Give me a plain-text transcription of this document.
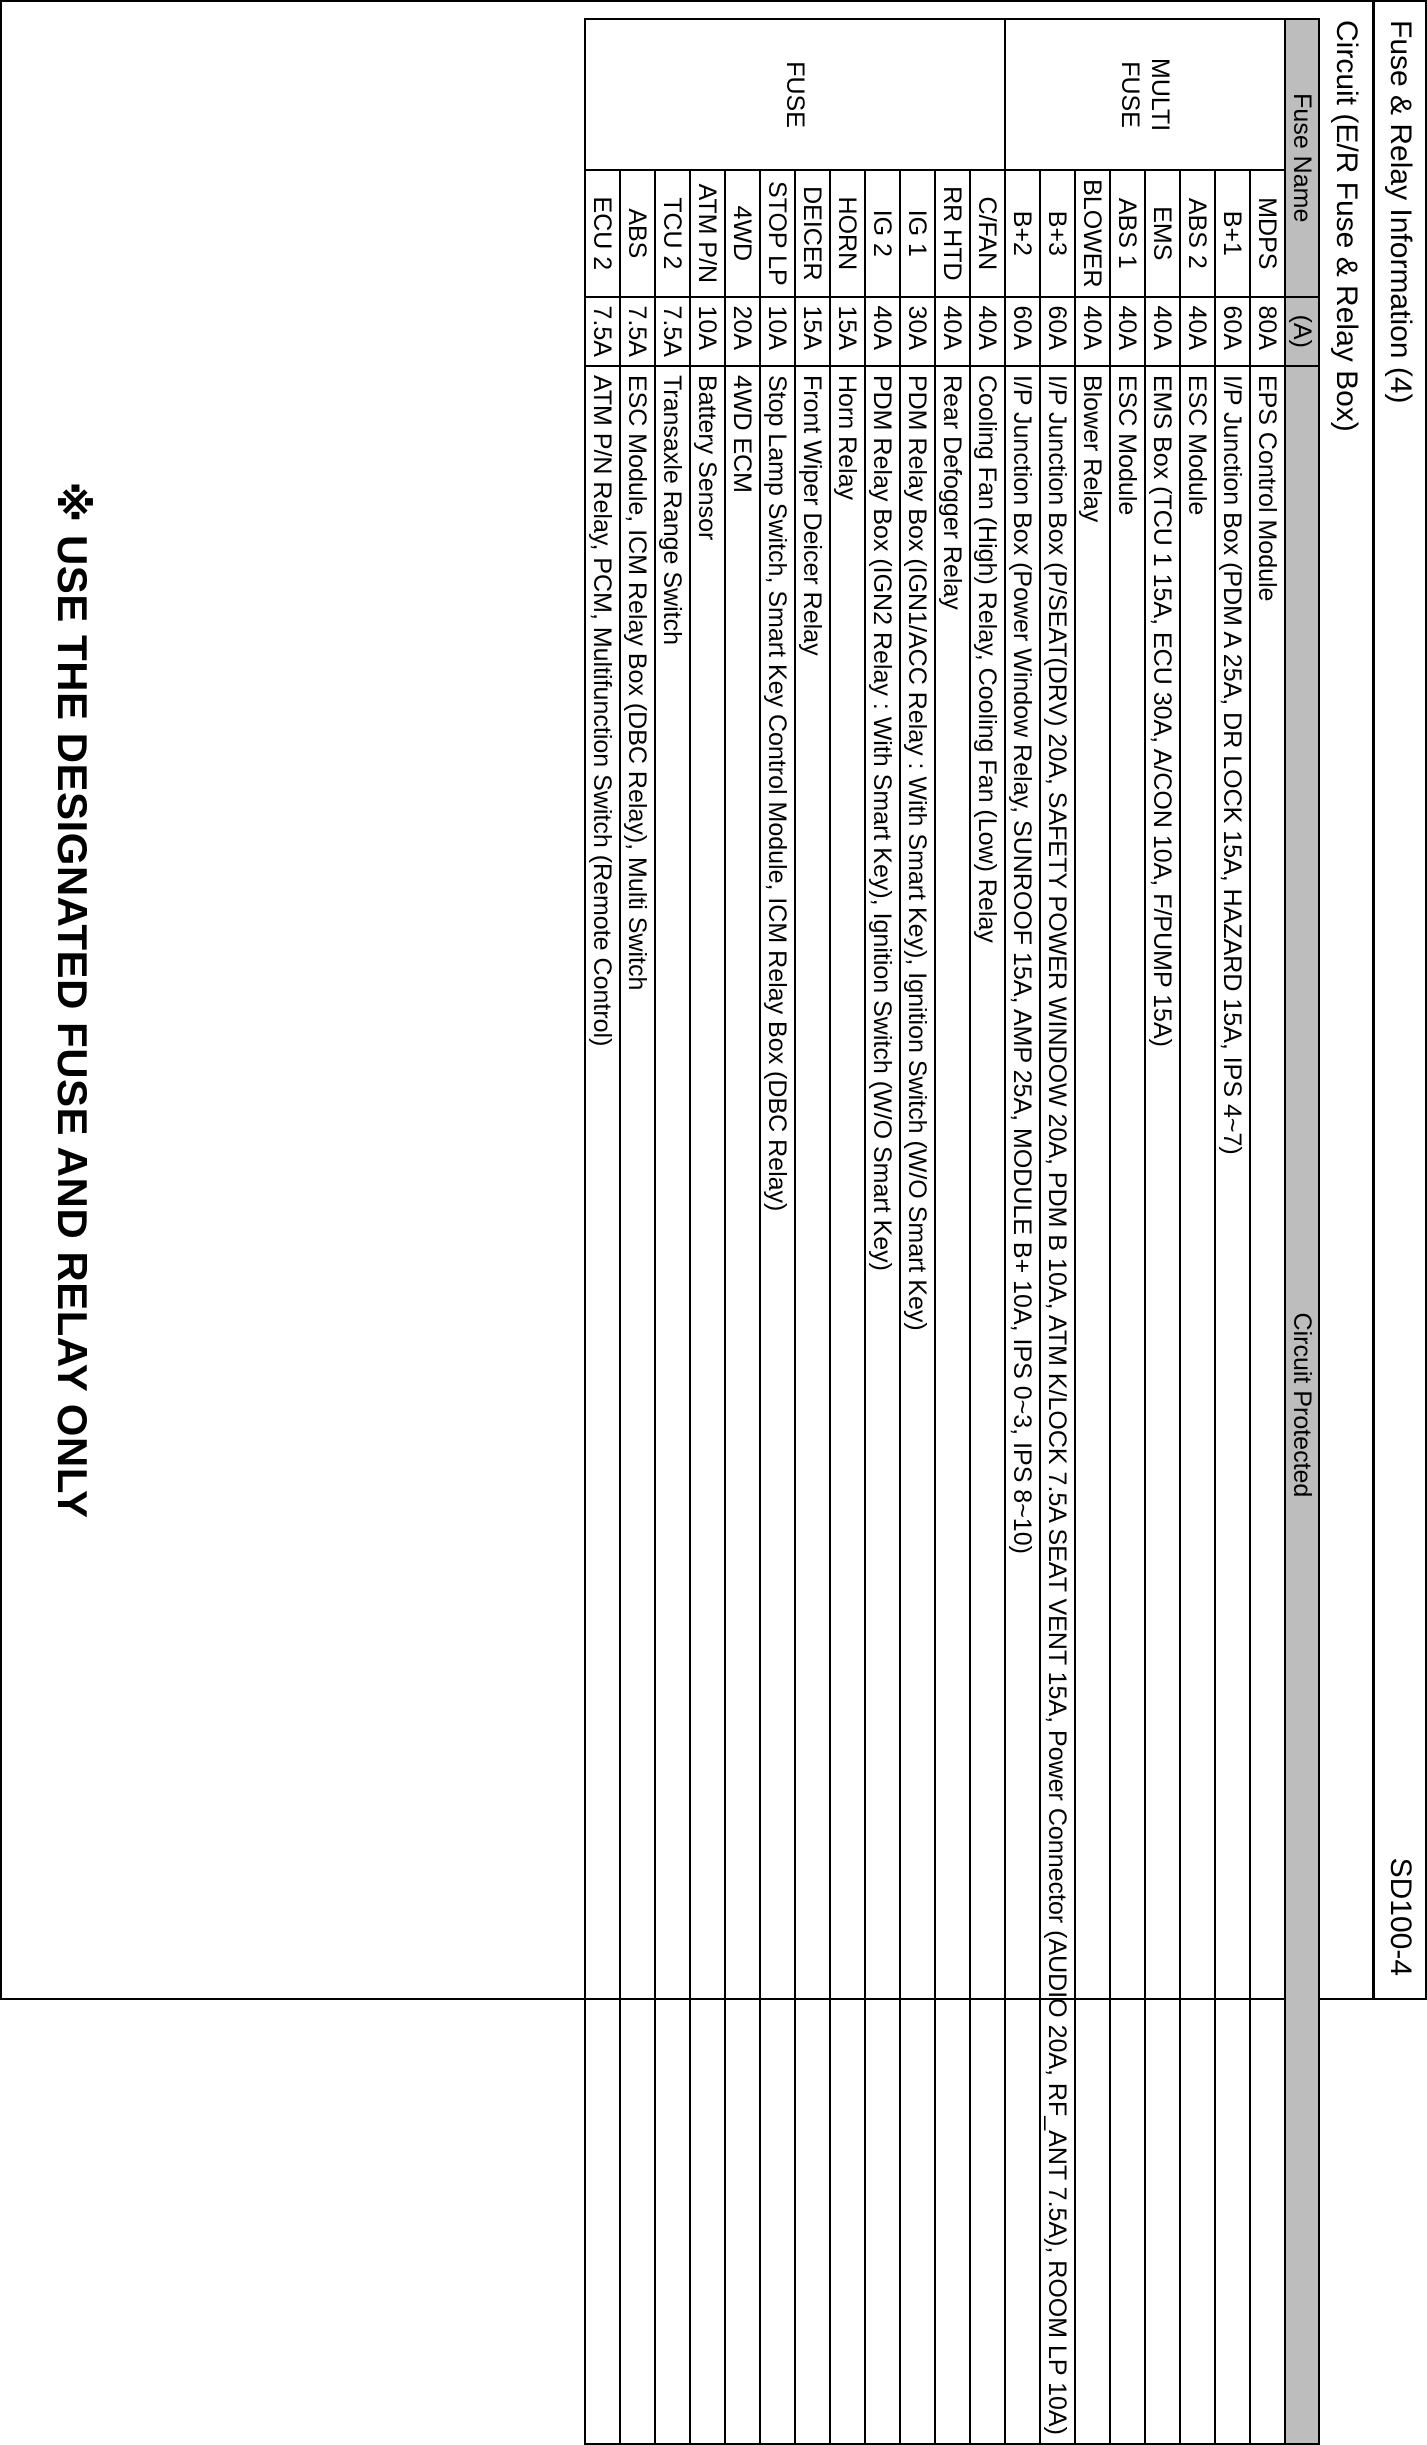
Fuse & Relay Information (4)
SD100-4
Circuit (E/R Fuse & Relay Box)
Fuse Name		(A)	Circuit Protected
MULTI FUSE	MDPS	80A	EPS Control Module
	B+1	60A	I/P Junction Box (PDM A 25A, DR LOCK 15A, HAZARD 15A, IPS 4~7)
	ABS 2	40A	ESC Module
	EMS	40A	EMS Box (TCU 1 15A, ECU 30A, A/CON 10A, F/PUMP 15A)
	ABS 1	40A	ESC Module
	BLOWER	40A	Blower Relay
	B+3	60A	I/P Junction Box (P/SEAT(DRV) 20A, SAFETY POWER WINDOW 20A, PDM B 10A, ATM K/LOCK 7.5A SEAT VENT 15A, Power Connector (AUDIO 20A, RF_ANT 7.5A), ROOM LP 10A)
	B+2	60A	I/P Junction Box (Power Window Relay, SUNROOF 15A, AMP 25A, MODULE B+ 10A, IPS 0~3, IPS 8~10)
FUSE	C/FAN	40A	Cooling Fan (High) Relay, Cooling Fan (Low) Relay
	RR HTD	40A	Rear Defogger Relay
	IG 1	30A	PDM Relay Box (IGN1/ACC Relay : With Smart Key), Ignition Switch (W/O Smart Key)
	IG 2	40A	PDM Relay Box (IGN2 Relay : With Smart Key), Ignition Switch (W/O Smart Key)
	HORN	15A	Horn Relay
	DEICER	15A	Front Wiper Deicer Relay
	STOP LP	10A	Stop Lamp Switch, Smart Key Control Module, ICM Relay Box (DBC Relay)
	4WD	20A	4WD ECM
	ATM P/N	10A	Battery Sensor
	TCU 2	7.5A	Transaxle Range Switch
	ABS	7.5A	ESC Module, ICM Relay Box (DBC Relay), Multi Switch
	ECU 2	7.5A	ATM P/N Relay, PCM, Multifunction Switch (Remote Control)
※ USE THE DESIGNATED FUSE AND RELAY ONLY
